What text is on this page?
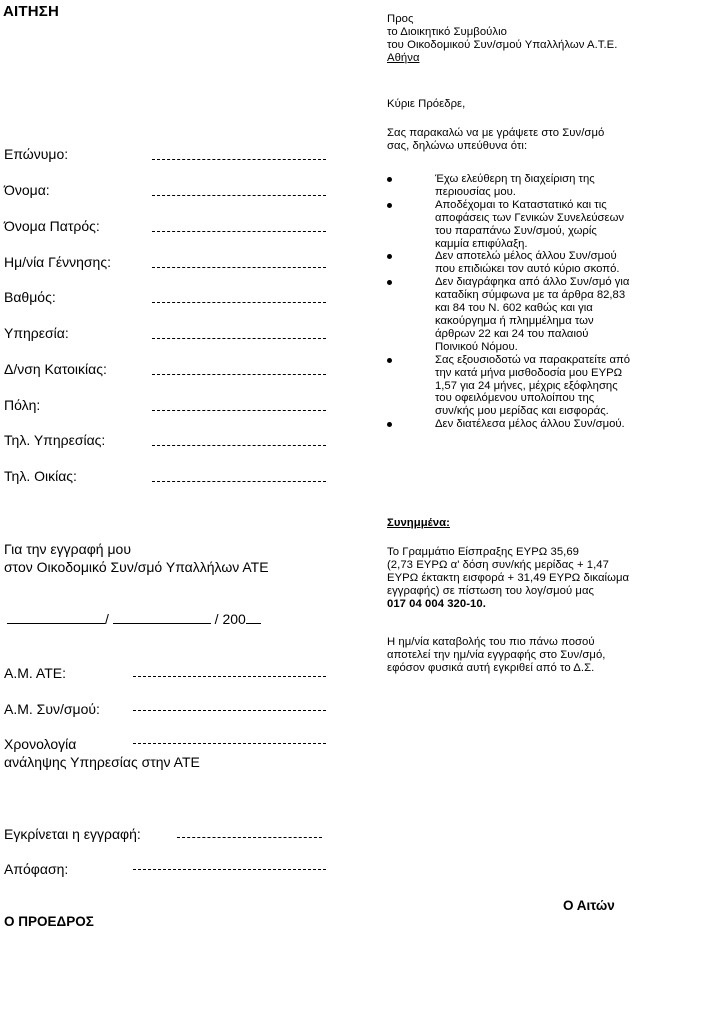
ΑΙΤΗΣΗ
Επώνυμο:
Όνομα:
Όνομα Πατρός:
Ημ/νία Γέννησης:
Βαθμός:
Υπηρεσία:
Δ/νση Κατοικίας:
Πόλη:
Τηλ. Υπηρεσίας:
Τηλ. Οικίας:
Για την εγγραφή μου
στον Οικοδομικό Συν/σμό Υπαλλήλων ΑΤΕ
/	/ 200
Α.Μ. ΑΤΕ:
Α.Μ. Συν/σμού:
Χρονολογία
ανάληψης Υπηρεσίας στην ΑΤΕ
Εγκρίνεται η εγγραφή:
Απόφαση:
Ο ΠΡΟΕΔΡΟΣ
Ο Αιτών
Προς
το Διοικητικό Συμβούλιο
του Οικοδομικού Συν/σμού Υπαλλήλων Α.Τ.Ε.
Αθήνα
Κύριε Πρόεδρε,
Σας παρακαλώ να με γράψετε στο Συν/σμό
σας, δηλώνω υπεύθυνα ότι:
Έχω ελεύθερη τη διαχείριση της
περιουσίας μου.
Αποδέχομαι το Καταστατικό και τις
αποφάσεις των Γενικών Συνελεύσεων
του παραπάνω Συν/σμού, χωρίς
καμμία επιφύλαξη.
Δεν αποτελώ μέλος άλλου Συν/σμού
που επιδιώκει τον αυτό κύριο σκοπό.
Δεν διαγράφηκα από άλλο Συν/σμό για
καταδίκη σύμφωνα με τα άρθρα 82,83
και 84 του Ν. 602 καθώς και για
κακούργημα ή πλημμέλημα των
άρθρων 22 και 24 του παλαιού
Ποινικού Νόμου.
Σας εξουσιοδοτώ να παρακρατείτε από
την κατά μήνα μισθοδοσία μου ΕΥΡΩ
1,57 για 24 μήνες, μέχρις εξόφλησης
του οφειλόμενου υπολοίπου της
συν/κής μου μερίδας και εισφοράς.
Δεν διατέλεσα μέλος άλλου Συν/σμού.
Συνημμένα:
Το Γραμμάτιο Είσπραξης ΕΥΡΩ 35,69
(2,73 ΕΥΡΩ α' δόση συν/κής μερίδας + 1,47
ΕΥΡΩ έκτακτη εισφορά + 31,49 ΕΥΡΩ δικαίωμα
εγγραφής) σε πίστωση του λογ/σμού μας
017 04 004 320-10.
Η ημ/νία καταβολής του πιο πάνω ποσού
αποτελεί την ημ/νία εγγραφής στο Συν/σμό,
εφόσον φυσικά αυτή εγκριθεί από το Δ.Σ.
